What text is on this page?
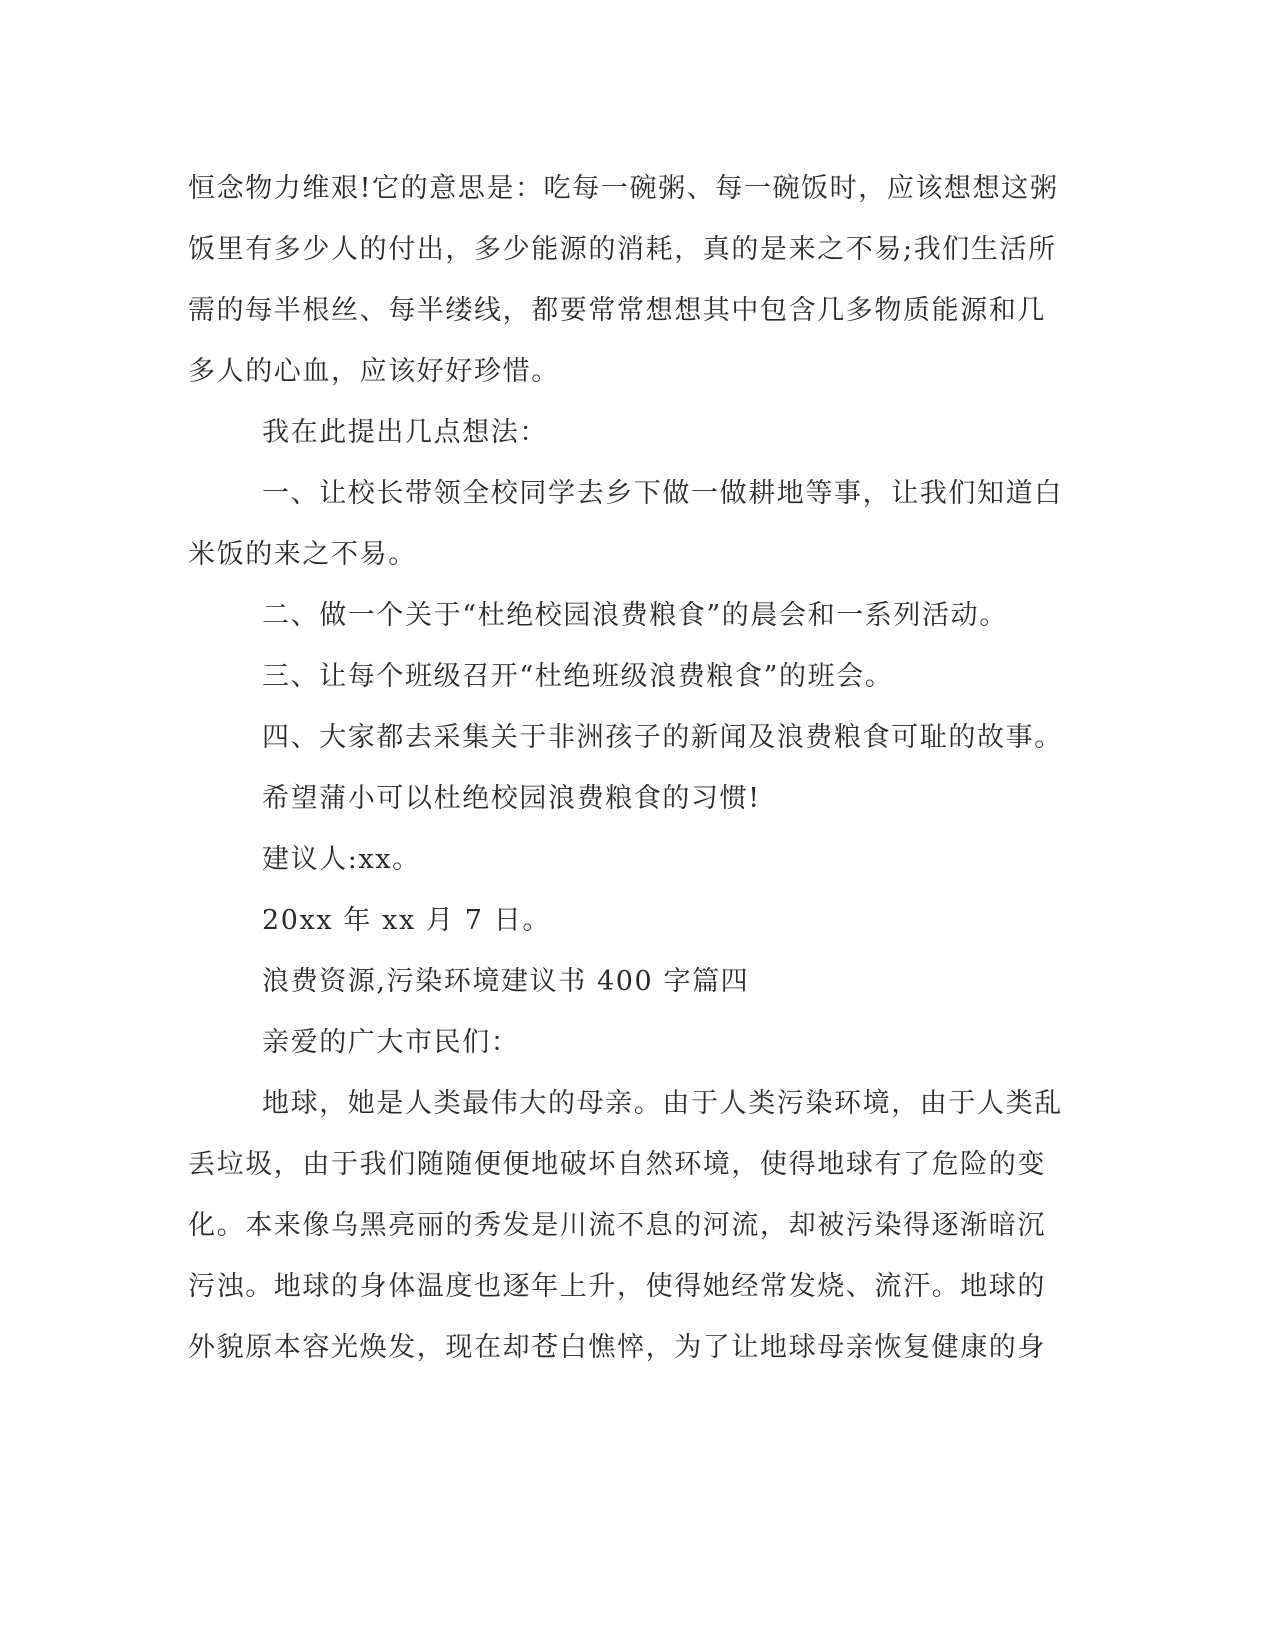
恒念物力维艰!它的意思是：吃每一碗粥、每一碗饭时，应该想想这粥
饭里有多少人的付出，多少能源的消耗，真的是来之不易;我们生活所
需的每半根丝、每半缕线，都要常常想想其中包含几多物质能源和几
多人的心血，应该好好珍惜。
我在此提出几点想法：
一、让校长带领全校同学去乡下做一做耕地等事，让我们知道白
米饭的来之不易。
二、做一个关于“杜绝校园浪费粮食”的晨会和一系列活动。
三、让每个班级召开“杜绝班级浪费粮食”的班会。
四、大家都去采集关于非洲孩子的新闻及浪费粮食可耻的故事。
希望蒲小可以杜绝校园浪费粮食的习惯!
建议人:xx。
20xx 年 xx 月 7 日。
浪费资源,污染环境建议书 400 字篇四
亲爱的广大市民们：
地球，她是人类最伟大的母亲。由于人类污染环境，由于人类乱
丢垃圾，由于我们随随便便地破坏自然环境，使得地球有了危险的变
化。本来像乌黑亮丽的秀发是川流不息的河流，却被污染得逐渐暗沉
污浊。地球的身体温度也逐年上升，使得她经常发烧、流汗。地球的
外貌原本容光焕发，现在却苍白憔悴，为了让地球母亲恢复健康的身
